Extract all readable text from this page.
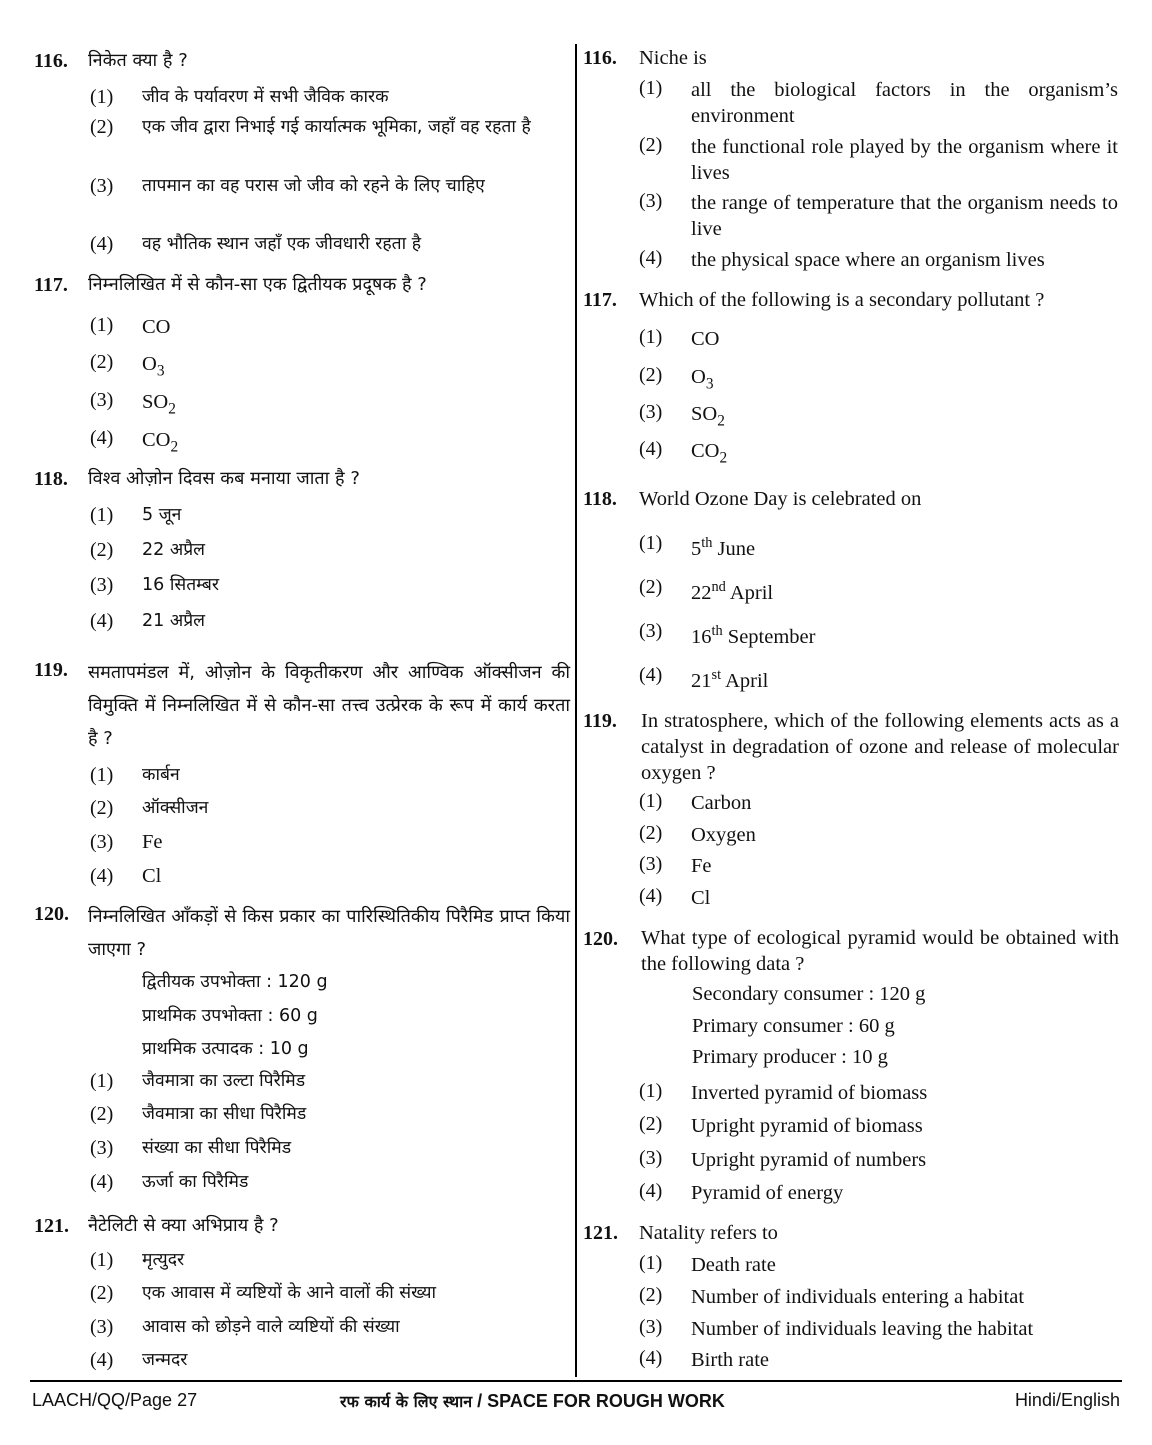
116. निकेत क्या है ?
(1) जीव के पर्यावरण में सभी जैविक कारक
(2) एक जीव द्वारा निभाई गई कार्यात्मक भूमिका, जहाँ वह रहता है
(3) तापमान का वह परास जो जीव को रहने के लिए चाहिए
(4) वह भौतिक स्थान जहाँ एक जीवधारी रहता है
117. निम्नलिखित में से कौन-सा एक द्वितीयक प्रदूषक है ?
(1) CO
(2) $O_3$
(3) $SO_2$
(4) $CO_2$
118. विश्व ओज़ोन दिवस कब मनाया जाता है ?
(1) 5 जून
(2) 22 अप्रैल
(3) 16 सितम्बर
(4) 21 अप्रैल
119. समतापमंडल में, ओज़ोन के विकृतीकरण और आण्विक ऑक्सीजन की विमुक्ति में निम्नलिखित में से कौन-सा तत्त्व उत्प्रेरक के रूप में कार्य करता है ?
(1) कार्बन
(2) ऑक्सीजन
(3) Fe
(4) Cl
120. निम्नलिखित आँकड़ों से किस प्रकार का पारिस्थितिकीय पिरैमिड प्राप्त किया जाएगा ?
द्वितीयक उपभोक्ता : 120 g
प्राथमिक उपभोक्ता : 60 g
प्राथमिक उत्पादक : 10 g
(1) जैवमात्रा का उल्टा पिरैमिड
(2) जैवमात्रा का सीधा पिरैमिड
(3) संख्या का सीधा पिरैमिड
(4) ऊर्जा का पिरैमिड
121. नैटेलिटी से क्या अभिप्राय है ?
(1) मृत्युदर
(2) एक आवास में व्यष्टियों के आने वालों की संख्या
(3) आवास को छोड़ने वाले व्यष्टियों की संख्या
(4) जन्मदर
116. Niche is
(1) all the biological factors in the organism’s environment
(2) the functional role played by the organism where it lives
(3) the range of temperature that the organism needs to live
(4) the physical space where an organism lives
117. Which of the following is a secondary pollutant ?
(1) CO
(2) $O_3$
(3) $SO_2$
(4) $CO_2$
118. World Ozone Day is celebrated on
(1) 5th June
(2) 22nd April
(3) 16th September
(4) 21st April
119. In stratosphere, which of the following elements acts as a catalyst in degradation of ozone and release of molecular oxygen ?
(1) Carbon
(2) Oxygen
(3) Fe
(4) Cl
120. What type of ecological pyramid would be obtained with the following data ?
Secondary consumer : 120 g
Primary consumer : 60 g
Primary producer : 10 g
(1) Inverted pyramid of biomass
(2) Upright pyramid of biomass
(3) Upright pyramid of numbers
(4) Pyramid of energy
121. Natality refers to
(1) Death rate
(2) Number of individuals entering a habitat
(3) Number of individuals leaving the habitat
(4) Birth rate
LAACH/QQ/Page 27	रफ कार्य के लिए स्थान / SPACE FOR ROUGH WORK	Hindi/English
